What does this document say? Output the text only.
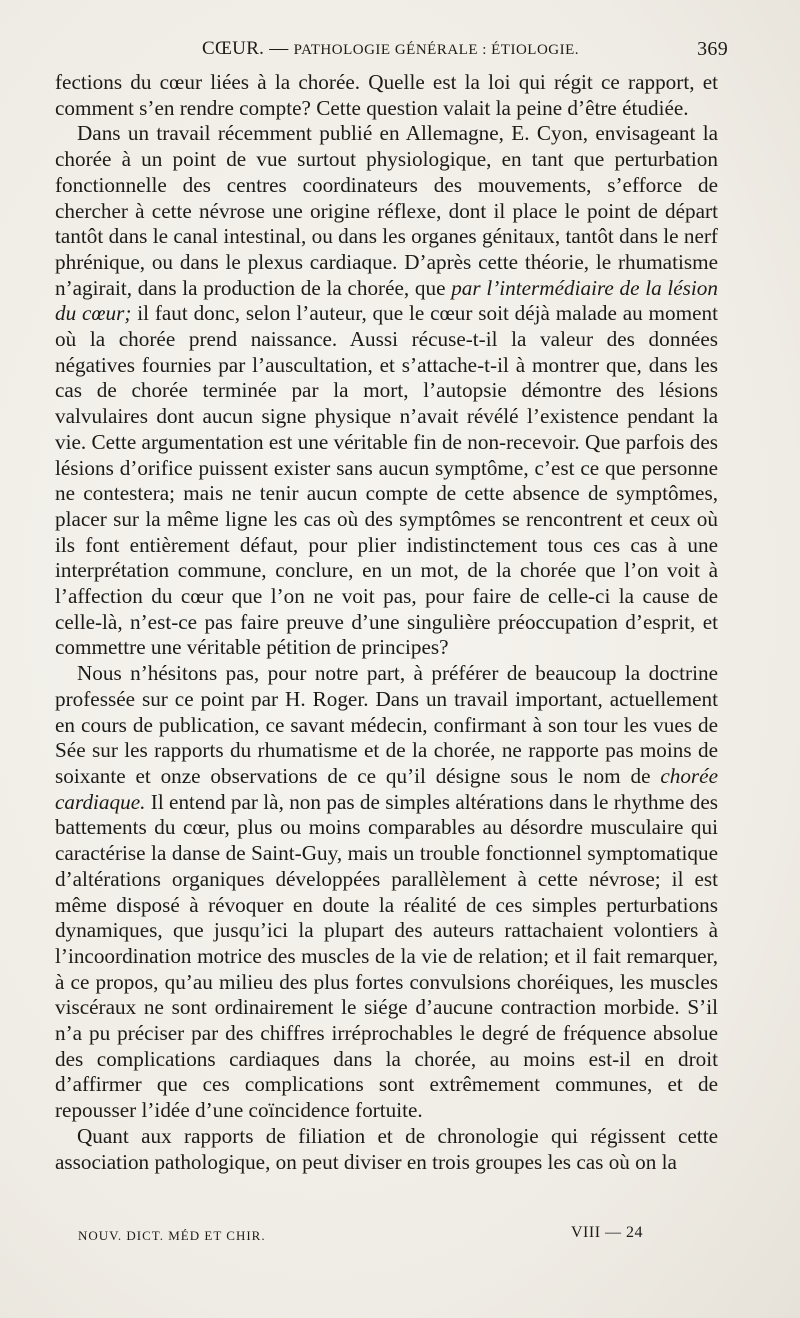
CŒUR. — PATHOLOGIE GÉNÉRALE : ÉTIOLOGIE.	369

fections du cœur liées à la chorée. Quelle est la loi qui régit ce rapport, et comment s’en rendre compte? Cette question valait la peine d’être étudiée.

Dans un travail récemment publié en Allemagne, E. Cyon, envisageant la chorée à un point de vue surtout physiologique, en tant que perturbation fonctionnelle des centres coordinateurs des mouvements, s’efforce de chercher à cette névrose une origine réflexe, dont il place le point de départ tantôt dans le canal intestinal, ou dans les organes génitaux, tantôt dans le nerf phrénique, ou dans le plexus cardiaque. D’après cette théorie, le rhumatisme n’agirait, dans la production de la chorée, que par l’intermédiaire de la lésion du cœur; il faut donc, selon l’auteur, que le cœur soit déjà malade au moment où la chorée prend naissance. Aussi récuse-t-il la valeur des données négatives fournies par l’auscultation, et s’attache-t-il à montrer que, dans les cas de chorée terminée par la mort, l’autopsie démontre des lésions valvulaires dont aucun signe physique n’avait révélé l’existence pendant la vie. Cette argumentation est une véritable fin de non-recevoir. Que parfois des lésions d’orifice puissent exister sans aucun symptôme, c’est ce que personne ne contestera; mais ne tenir aucun compte de cette absence de symptômes, placer sur la même ligne les cas où des symptômes se rencontrent et ceux où ils font entièrement défaut, pour plier indistinctement tous ces cas à une interprétation commune, conclure, en un mot, de la chorée que l’on voit à l’affection du cœur que l’on ne voit pas, pour faire de celle-ci la cause de celle-là, n’est-ce pas faire preuve d’une singulière préoccupation d’esprit, et commettre une véritable pétition de principes?

Nous n’hésitons pas, pour notre part, à préférer de beaucoup la doctrine professée sur ce point par H. Roger. Dans un travail important, actuellement en cours de publication, ce savant médecin, confirmant à son tour les vues de Sée sur les rapports du rhumatisme et de la chorée, ne rapporte pas moins de soixante et onze observations de ce qu’il désigne sous le nom de chorée cardiaque. Il entend par là, non pas de simples altérations dans le rhythme des battements du cœur, plus ou moins comparables au désordre musculaire qui caractérise la danse de Saint-Guy, mais un trouble fonctionnel symptomatique d’altérations organiques développées parallèlement à cette névrose; il est même disposé à révoquer en doute la réalité de ces simples perturbations dynamiques, que jusqu’ici la plupart des auteurs rattachaient volontiers à l’incoordination motrice des muscles de la vie de relation; et il fait remarquer, à ce propos, qu’au milieu des plus fortes convulsions choréiques, les muscles viscéraux ne sont ordinairement le siége d’aucune contraction morbide. S’il n’a pu préciser par des chiffres irréprochables le degré de fréquence absolue des complications cardiaques dans la chorée, au moins est-il en droit d’affirmer que ces complications sont extrêmement communes, et de repousser l’idée d’une coïncidence fortuite.

Quant aux rapports de filiation et de chronologie qui régissent cette association pathologique, on peut diviser en trois groupes les cas où on la

NOUV. DICT. MÉD ET CHIR.	VIII — 24
